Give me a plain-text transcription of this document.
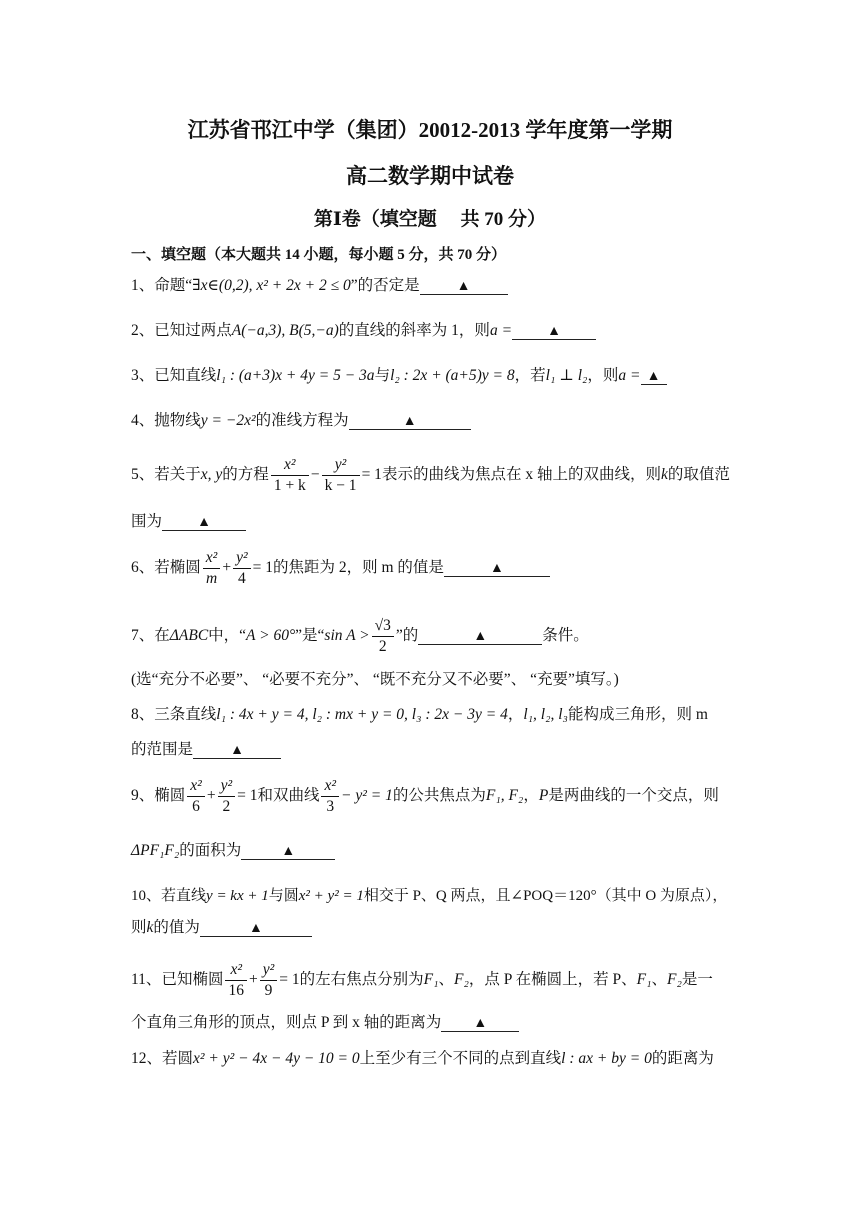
江苏省邗江中学（集团）20012-2013 学年度第一学期
高二数学期中试卷
第Ⅰ卷（填空题　 共 70 分）
一、填空题（本大题共 14 小题，每小题 5 分，共 70 分）
1、命题“∃x∈(0,2), x² + 2x + 2 ≤ 0”的否定是	▲
2、已知过两点A(−a,3), B(5,−a)的直线的斜率为 1，则a =	▲
3、已知直线l₁ : (a+3)x + 4y = 5 − 3a与l₂ : 2x + (a+5)y = 8，若l₁ ⊥ l₂，则a = ▲
4、抛物线y = −2x²的准线方程为	▲
5、若关于x, y的方程 $\frac{\text{x²}}{1 + k} - \frac{\text{y²}}{k - 1} = 1$表示的曲线为焦点在 x 轴上的双曲线，则k的取值范
围为	▲
6、若椭圆 $\frac{\text{x²}}{m} + \frac{\text{y²}}{4} = 1$的焦距为 2，则 m 的值是	▲
7、在ΔABC中，“A > 60°”是“sin $A > \frac{√3}{2}$ ”的	▲	条件。
(选“充分不必要”、 “必要不充分”、 “既不充分又不必要”、 “充要”填写。)
8、三条直线l₁ : 4x + y = 4, l₂ : mx + y = 0, l₃ : 2x − 3y = 4，l₁, l₂, l₃能构成三角形，则 m
的范围是	▲
9、椭圆 $\frac{\text{x²}}{6} + \frac{\text{y²}}{2} = 1$和双曲线 $\frac{\text{x²}}{3} - y^2 = 1$的公共焦点为F₁, F₂，P是两曲线的一个交点，则
ΔPF₁F₂的面积为	▲
10、若直线y = kx + 1与圆x² + y² = 1相交于 P、Q 两点，且∠POQ＝120°（其中 O 为原点），
则k的值为	▲
11、已知椭圆 $\frac{\text{x²}}{16} + \frac{\text{y²}}{9} = 1$的左右焦点分别为F₁、F₂，点 P 在椭圆上，若 P、F₁、F₂是一
个直角三角形的顶点，则点 P 到 x 轴的距离为 ▲
12、若圆x² + y² − 4x − 4y − 10 = 0上至少有三个不同的点到直线l : ax + by = 0的距离为
